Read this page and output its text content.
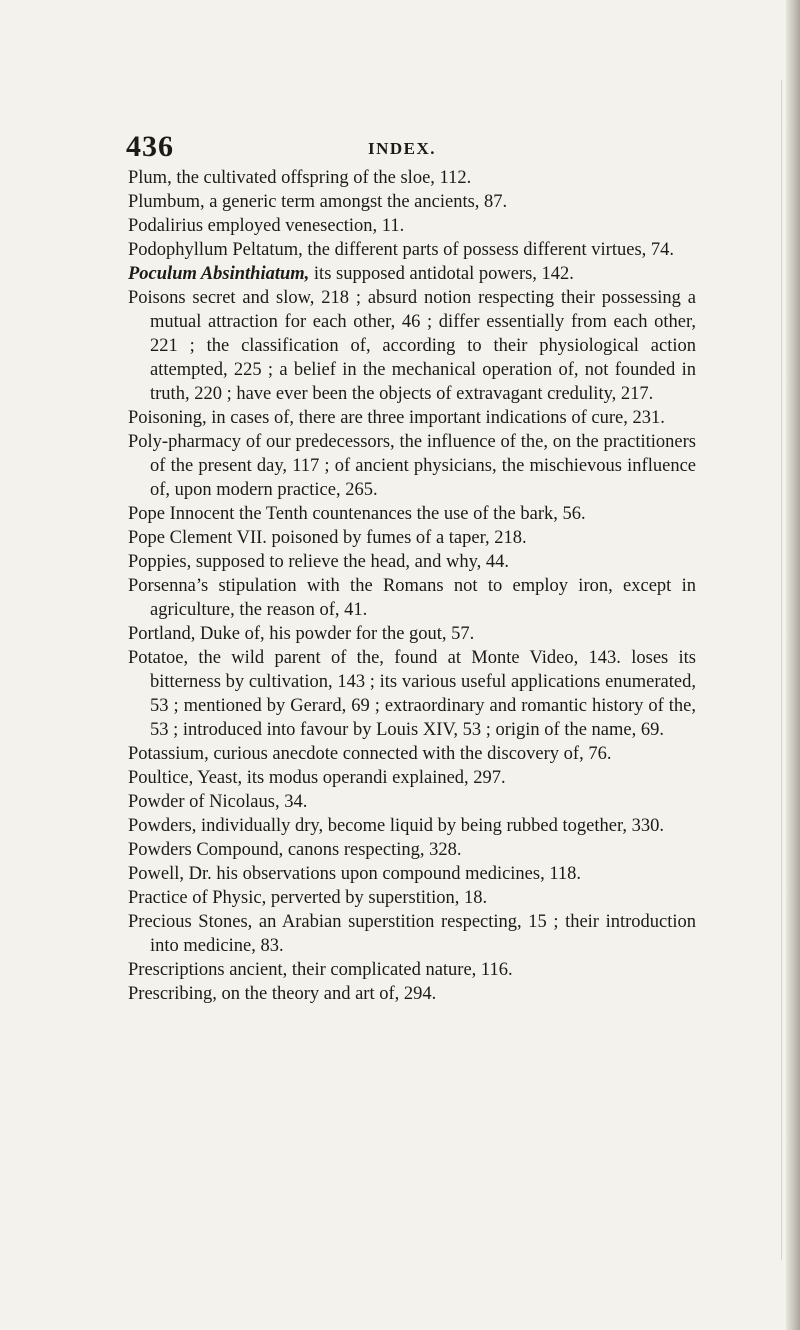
436	INDEX.

Plum, the cultivated offspring of the sloe, 112.

Plumbum, a generic term amongst the ancients, 87.

Podalirius employed venesection, 11.

Podophyllum Peltatum, the different parts of possess different virtues, 74.

Poculum Absinthiatum, its supposed antidotal powers, 142.

Poisons secret and slow, 218 ; absurd notion respecting their possessing a mutual attraction for each other, 46 ; differ essentially from each other, 221 ; the classification of, according to their physiological action attempted, 225 ; a belief in the mechanical operation of, not founded in truth, 220 ; have ever been the objects of extravagant credulity, 217.

Poisoning, in cases of, there are three important indications of cure, 231.

Poly-pharmacy of our predecessors, the influence of the, on the practitioners of the present day, 117 ; of ancient physicians, the mischievous influence of, upon modern practice, 265.

Pope Innocent the Tenth countenances the use of the bark, 56.

Pope Clement VII. poisoned by fumes of a taper, 218.

Poppies, supposed to relieve the head, and why, 44.

Porsenna’s stipulation with the Romans not to employ iron, except in agriculture, the reason of, 41.

Portland, Duke of, his powder for the gout, 57.

Potatoe, the wild parent of the, found at Monte Video, 143. loses its bitterness by cultivation, 143 ; its various useful applications enumerated, 53 ; mentioned by Gerard, 69 ; extraordinary and romantic history of the, 53 ; introduced into favour by Louis XIV, 53 ; origin of the name, 69.

Potassium, curious anecdote connected with the discovery of, 76.

Poultice, Yeast, its modus operandi explained, 297.

Powder of Nicolaus, 34.

Powders, individually dry, become liquid by being rubbed together, 330.

Powders Compound, canons respecting, 328.

Powell, Dr. his observations upon compound medicines, 118.

Practice of Physic, perverted by superstition, 18.

Precious Stones, an Arabian superstition respecting, 15 ; their introduction into medicine, 83.

Prescriptions ancient, their complicated nature, 116.

Prescribing, on the theory and art of, 294.
